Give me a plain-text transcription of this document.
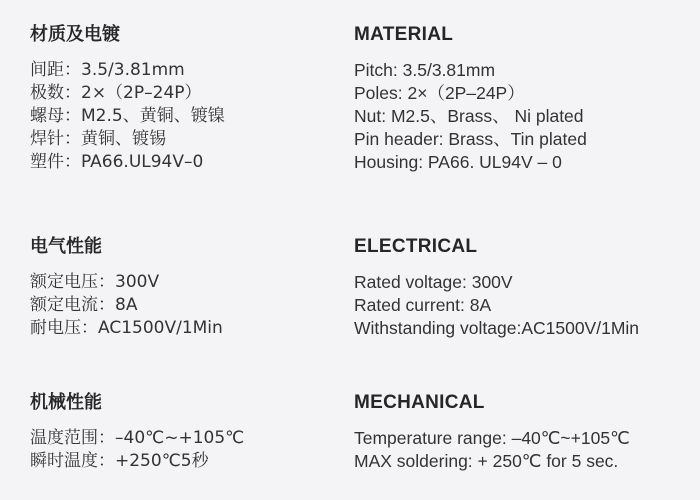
材质及电镀
间距：3.5/3.81mm
极数：2×（2P–24P）
螺母：M2.5、黄铜、镀镍
焊针：黄铜、镀锡
塑件：PA66.UL94V–0
电气性能
额定电压：300V
额定电流：8A
耐电压：AC1500V/1Min
机械性能
温度范围：–40℃~+105℃
瞬时温度：+250℃5秒
MATERIAL
Pitch: 3.5/3.81mm
Poles: 2×（2P–24P）
Nut: M2.5、Brass、 Ni plated
Pin header: Brass、Tin plated
Housing: PA66. UL94V – 0
ELECTRICAL
Rated voltage: 300V
Rated current: 8A
Withstanding voltage:AC1500V/1Min
MECHANICAL
Temperature range: –40℃~+105℃
MAX soldering: + 250℃ for 5 sec.
